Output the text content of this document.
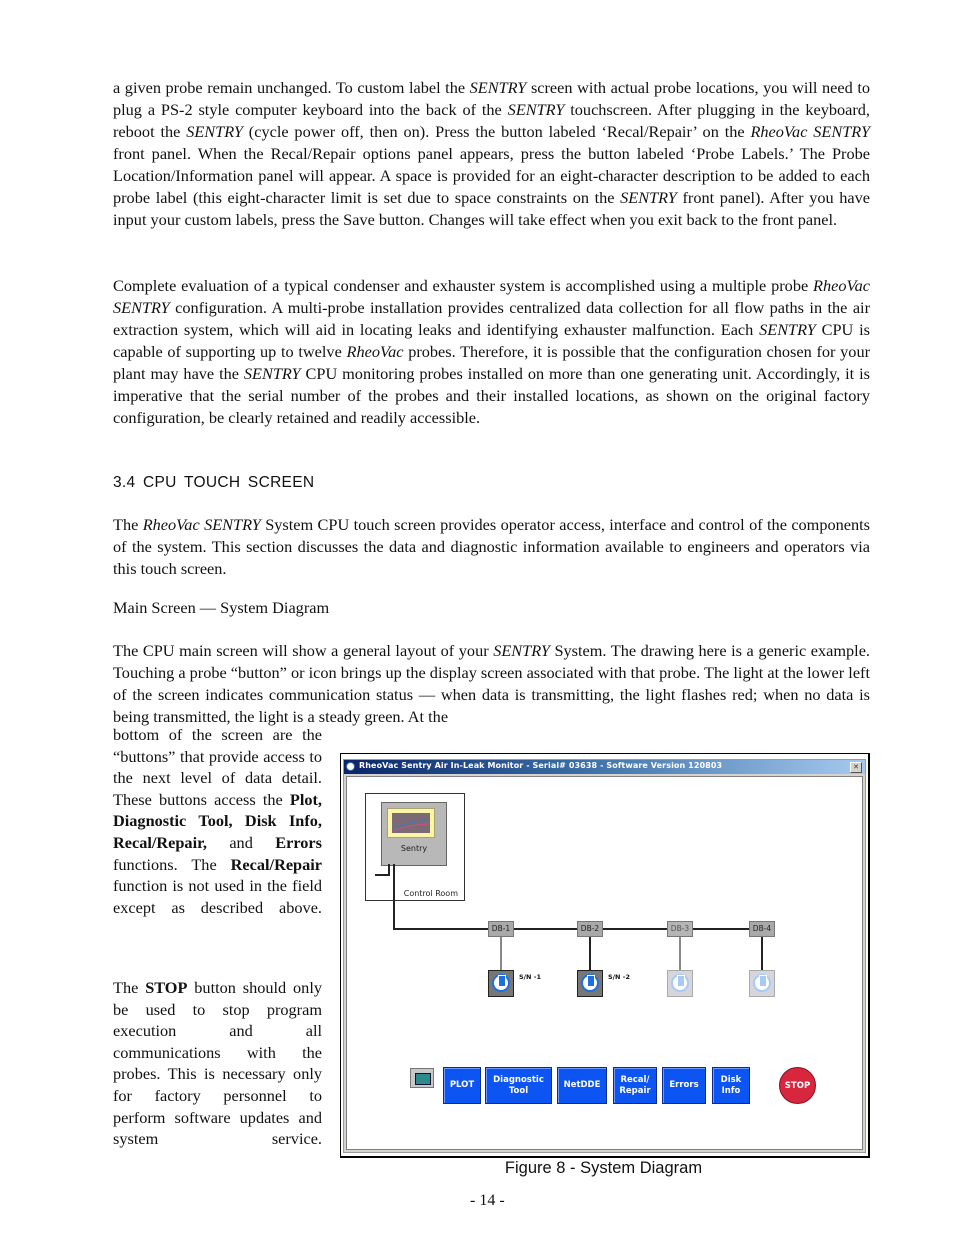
a given probe remain unchanged. To custom label the SENTRY screen with actual probe locations, you will need to plug a PS-2 style computer keyboard into the back of the SENTRY touchscreen. After plugging in the keyboard, reboot the SENTRY (cycle power off, then on). Press the button labeled ‘Recal/Repair’ on the RheoVac SENTRY front panel. When the Recal/Repair options panel appears, press the button labeled ‘Probe Labels.’ The Probe Location/Information panel will appear. A space is provided for an eight-character description to be added to each probe label (this eight-character limit is set due to space constraints on the SENTRY front panel). After you have input your custom labels, press the Save button. Changes will take effect when you exit back to the front panel.

Complete evaluation of a typical condenser and exhauster system is accomplished using a multiple probe RheoVac SENTRY configuration. A multi-probe installation provides centralized data collection for all flow paths in the air extraction system, which will aid in locating leaks and identifying exhauster malfunction. Each SENTRY CPU is capable of supporting up to twelve RheoVac probes. Therefore, it is possible that the configuration chosen for your plant may have the SENTRY CPU monitoring probes installed on more than one generating unit. Accordingly, it is imperative that the serial number of the probes and their installed locations, as shown on the original factory configuration, be clearly retained and readily accessible.

3.4 CPU TOUCH SCREEN

The RheoVac SENTRY System CPU touch screen provides operator access, interface and control of the components of the system. This section discusses the data and diagnostic information available to engineers and operators via this touch screen.

Main Screen — System Diagram

The CPU main screen will show a general layout of your SENTRY System. The drawing here is a generic example. Touching a probe “button” or icon brings up the display screen associated with that probe. The light at the lower left of the screen indicates communication status — when data is transmitting, the light flashes red; when no data is being transmitted, the light is a steady green. At the

bottom of the screen are the “buttons” that provide access to the next level of data detail. These buttons access the Plot, Diagnostic Tool, Disk Info, Recal/Repair, and Errors functions. The Recal/Repair function is not used in the field except as described above.

The STOP button should only be used to stop program execution and all communications with the probes. This is necessary only for factory personnel to perform software updates and system service.

RheoVac Sentry Air In-Leak Monitor - Serial# 03638 - Software Version 120803	✕
Sentry
Control Room
DB-1	DB-2	DB-3	DB-4
S/N -1	S/N -2
PLOT
Diagnostic
Tool
NetDDE
Recal/
Repair
Errors
Disk
Info	STOP
Figure 8 - System Diagram
- 14 -
